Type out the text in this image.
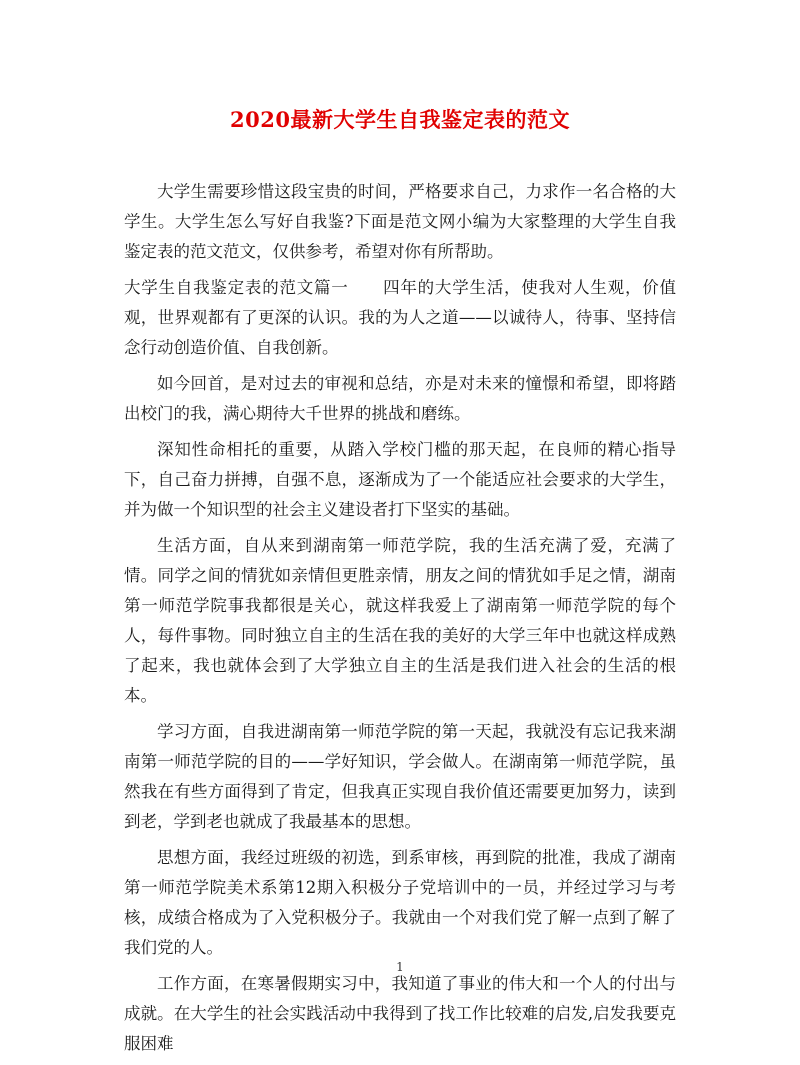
2020最新大学生自我鉴定表的范文

大学生需要珍惜这段宝贵的时间，严格要求自己，力求作一名合格的大学生。大学生怎么写好自我鉴?下面是范文网小编为大家整理的大学生自我鉴定表的范文范文，仅供参考，希望对你有所帮助。

大学生自我鉴定表的范文篇一　　四年的大学生活，使我对人生观，价值观，世界观都有了更深的认识。我的为人之道——以诚待人，待事、坚持信念行动创造价值、自我创新。

如今回首，是对过去的审视和总结，亦是对未来的憧憬和希望，即将踏出校门的我，满心期待大千世界的挑战和磨练。

深知性命相托的重要，从踏入学校门槛的那天起，在良师的精心指导下，自己奋力拼搏，自强不息，逐渐成为了一个能适应社会要求的大学生，并为做一个知识型的社会主义建设者打下坚实的基础。

生活方面，自从来到湖南第一师范学院，我的生活充满了爱，充满了情。同学之间的情犹如亲情但更胜亲情，朋友之间的情犹如手足之情，湖南第一师范学院事我都很是关心，就这样我爱上了湖南第一师范学院的每个人，每件事物。同时独立自主的生活在我的美好的大学三年中也就这样成熟了起来，我也就体会到了大学独立自主的生活是我们进入社会的生活的根本。

学习方面，自我进湖南第一师范学院的第一天起，我就没有忘记我来湖南第一师范学院的目的——学好知识，学会做人。在湖南第一师范学院，虽然我在有些方面得到了肯定，但我真正实现自我价值还需要更加努力，读到到老，学到老也就成了我最基本的思想。

思想方面，我经过班级的初选，到系审核，再到院的批准，我成了湖南第一师范学院美术系第12期入积极分子党培训中的一员，并经过学习与考核，成绩合格成为了入党积极分子。我就由一个对我们党了解一点到了解了我们党的人。

工作方面，在寒暑假期实习中，我知道了事业的伟大和一个人的付出与成就。在大学生的社会实践活动中我得到了找工作比较难的启发,启发我要克服困难

1
